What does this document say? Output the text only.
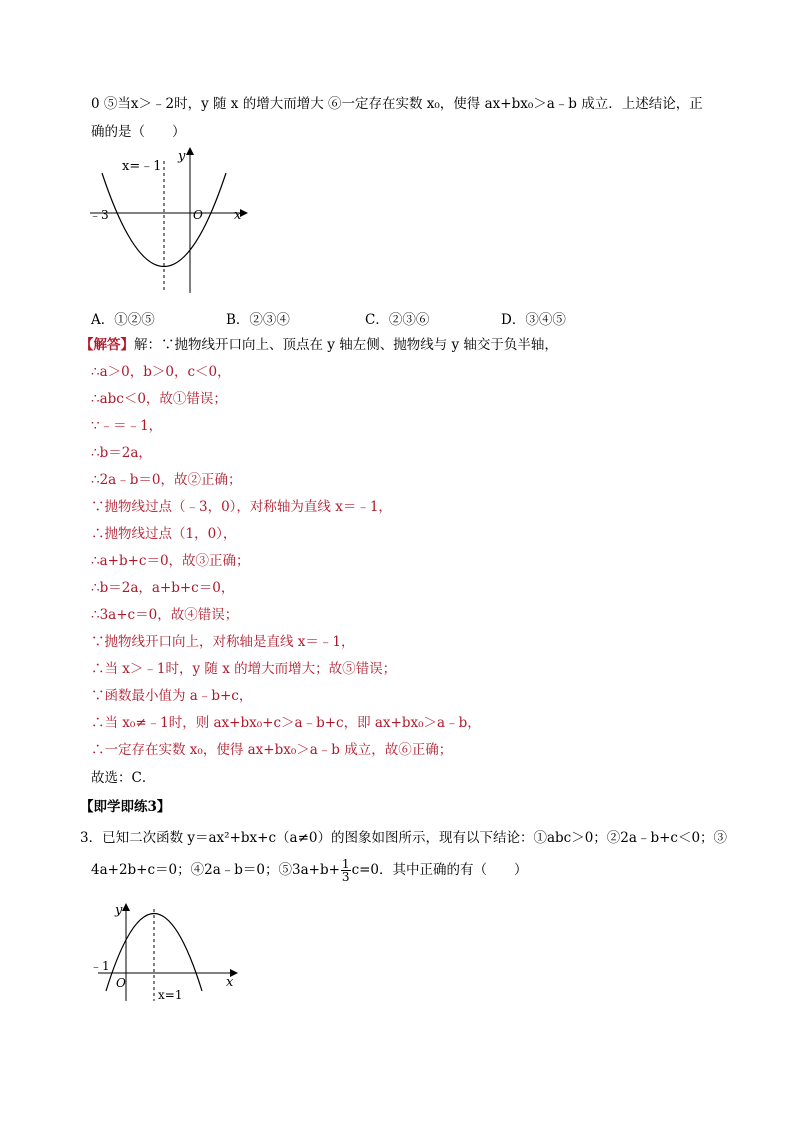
0 ⑤当x＞﹣2时，y 随 x 的增大而增大 ⑥一定存在实数 x₀，使得 ax+bx₀＞a﹣b 成立．上述结论，正
确的是（　　）
x=﹣1
y
x
O
﹣3
A．①②⑤	B．②③④	C．②③⑥	D．③④⑤
【解答】解：∵抛物线开口向上、顶点在 y 轴左侧、抛物线与 y 轴交于负半轴，
∴a＞0，b＞0，c＜0，
∴abc＜0，故①错误；
∵﹣＝﹣1，
∴b＝2a，
∴2a﹣b＝0，故②正确；
∵抛物线过点（﹣3，0），对称轴为直线 x＝﹣1，
∴抛物线过点（1，0），
∴a+b+c＝0，故③正确；
∴b＝2a，a+b+c＝0，
∴3a+c＝0，故④错误；
∵抛物线开口向上，对称轴是直线 x＝﹣1，
∴当 x＞﹣1时，y 随 x 的增大而增大；故⑤错误；
∵函数最小值为 a﹣b+c，
∴当 x₀≠﹣1时，则 ax+bx₀+c＞a﹣b+c，即 ax+bx₀＞a﹣b，
∴一定存在实数 x₀，使得 ax+bx₀＞a﹣b 成立，故⑥正确；
故选：C．
【即学即练3】
3．已知二次函数 y＝ax²+bx+c（a≠0）的图象如图所示，现有以下结论：①abc＞0；②2a﹣b+c＜0；③
4a+2b+c＝0；④2a﹣b＝0；⑤3a+b+ $\frac{1}{3} c=0$．其中正确的有（　　）
y
x
O
﹣1
x=1
